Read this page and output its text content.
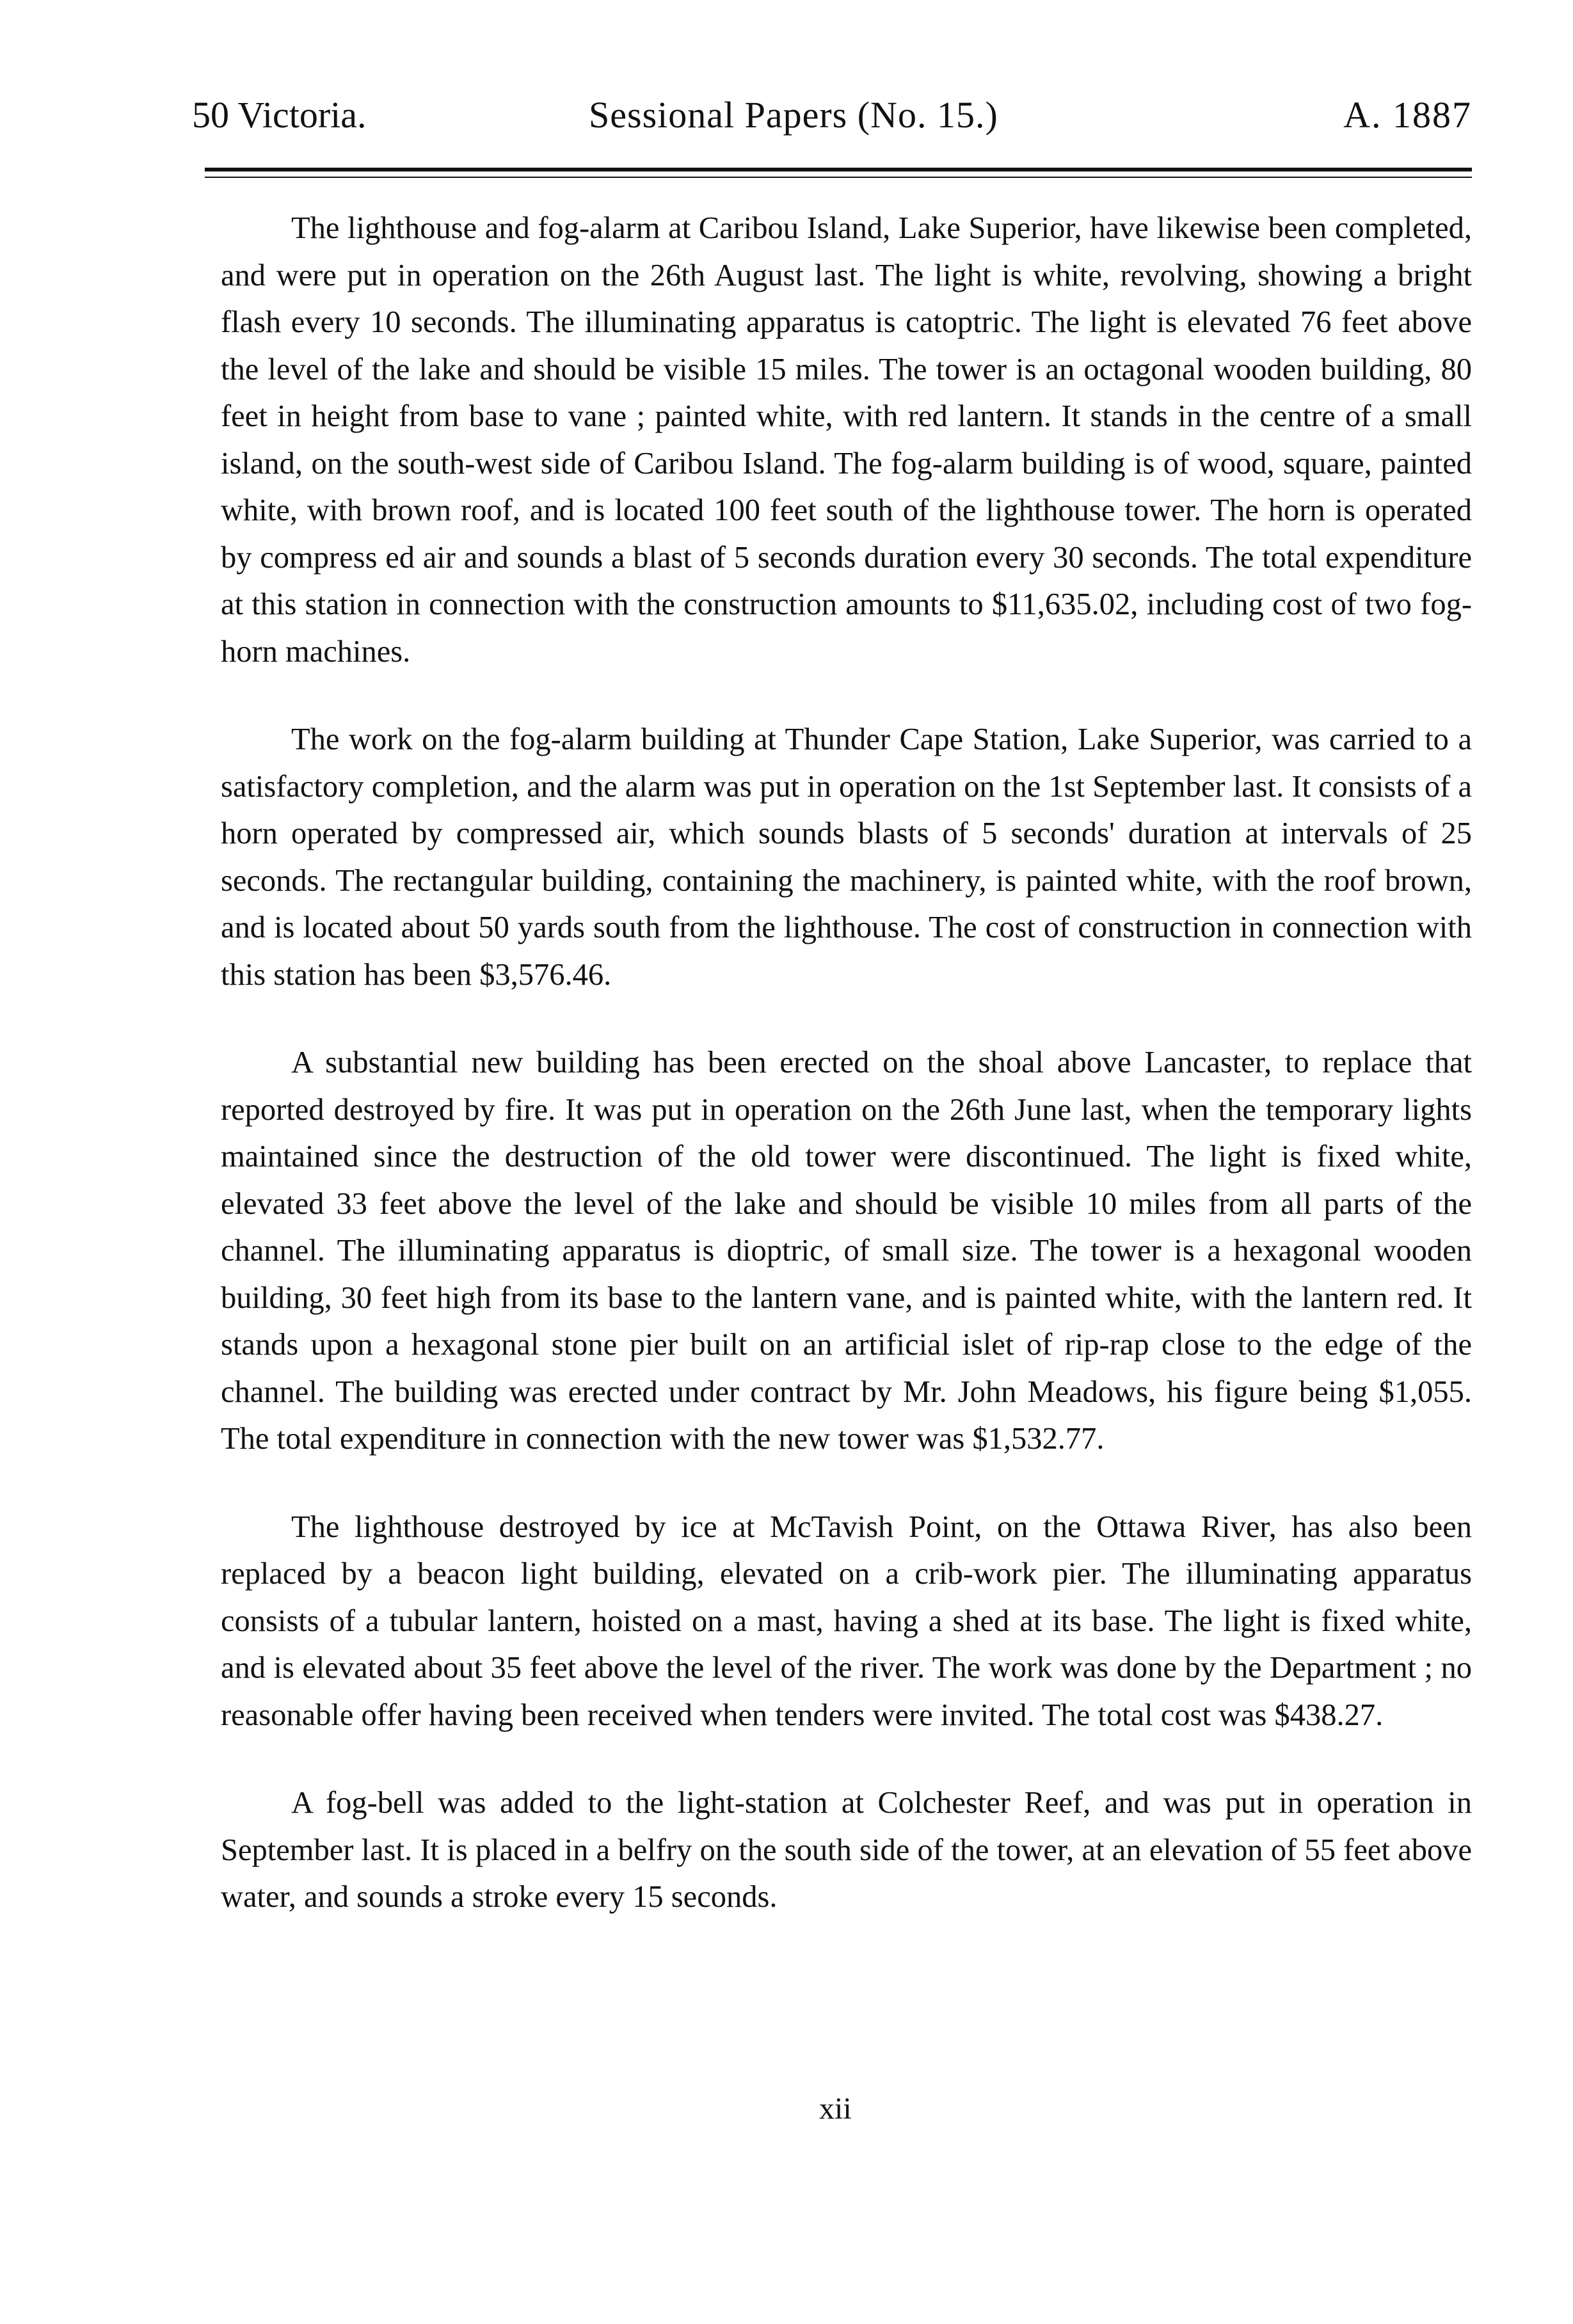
50 Victoria.	Sessional Papers (No. 15.)	A. 1887

The lighthouse and fog-alarm at Caribou Island, Lake Superior, have likewise been completed, and were put in operation on the 26th August last. The light is white, revolving, showing a bright flash every 10 seconds. The illuminating apparatus is catoptric. The light is elevated 76 feet above the level of the lake and should be visible 15 miles. The tower is an octagonal wooden building, 80 feet in height from base to vane ; painted white, with red lantern. It stands in the centre of a small island, on the south-west side of Caribou Island. The fog-alarm building is of wood, square, painted white, with brown roof, and is located 100 feet south of the lighthouse tower. The horn is operated by compress ed air and sounds a blast of 5 seconds duration every 30 seconds. The total expenditure at this station in connection with the construction amounts to $11,635.02, including cost of two fog-horn machines.

The work on the fog-alarm building at Thunder Cape Station, Lake Superior, was carried to a satisfactory completion, and the alarm was put in operation on the 1st September last. It consists of a horn operated by compressed air, which sounds blasts of 5 seconds' duration at intervals of 25 seconds. The rectangular building, containing the machinery, is painted white, with the roof brown, and is located about 50 yards south from the lighthouse. The cost of construction in connection with this station has been $3,576.46.

A substantial new building has been erected on the shoal above Lancaster, to replace that reported destroyed by fire. It was put in operation on the 26th June last, when the temporary lights maintained since the destruction of the old tower were discontinued. The light is fixed white, elevated 33 feet above the level of the lake and should be visible 10 miles from all parts of the channel. The illuminating apparatus is dioptric, of small size. The tower is a hexagonal wooden building, 30 feet high from its base to the lantern vane, and is painted white, with the lantern red. It stands upon a hexagonal stone pier built on an artificial islet of rip-rap close to the edge of the channel. The building was erected under contract by Mr. John Meadows, his figure being $1,055. The total expenditure in connection with the new tower was $1,532.77.

The lighthouse destroyed by ice at McTavish Point, on the Ottawa River, has also been replaced by a beacon light building, elevated on a crib-work pier. The illuminating apparatus consists of a tubular lantern, hoisted on a mast, having a shed at its base. The light is fixed white, and is elevated about 35 feet above the level of the river. The work was done by the Department ; no reasonable offer having been received when tenders were invited. The total cost was $438.27.

A fog-bell was added to the light-station at Colchester Reef, and was put in operation in September last. It is placed in a belfry on the south side of the tower, at an elevation of 55 feet above water, and sounds a stroke every 15 seconds.

xii
